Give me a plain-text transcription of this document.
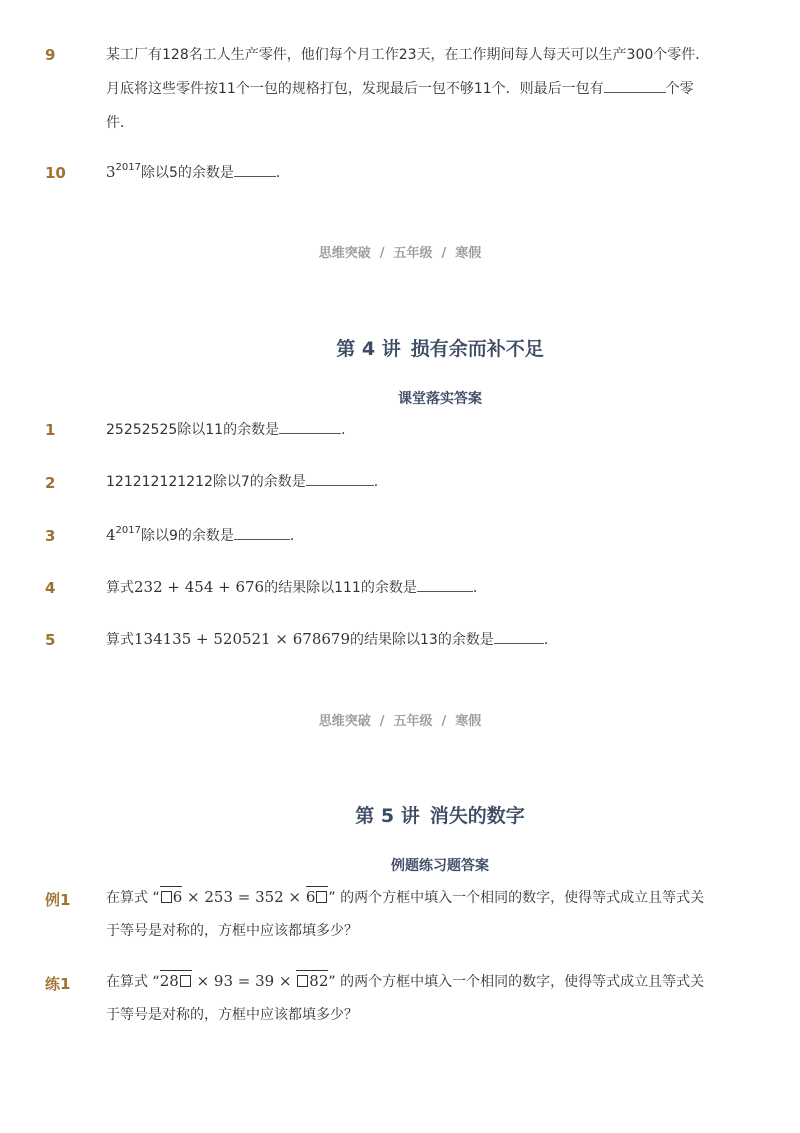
9	某工厂有128名工人生产零件，他们每个月工作23天，在工作期间每人每天可以生产300个零件．
月底将这些零件按11个一包的规格打包，发现最后一包不够11个．则最后一包有	个零
件．
10	$3^{2017}$除以5的余数是	．
思维突破 / 五年级 / 寒假
第 4 讲 损有余而补不足
课堂落实答案
1	25252525除以11的余数是	.
2	121212121212除以7的余数是	.
3	$4^{2017}$除以9的余数是	.
4	算式232 + 454 + 676的结果除以111的余数是	.
5	算式134135 + 520521 × 678679的结果除以13的余数是	．
思维突破 / 五年级 / 寒假
第 5 讲 消失的数字
例题练习题答案
例1	在算式 “ 6 × 253 = 352 × 6 ” 的两个方框中填入一个相同的数字，使得等式成立且等式关
于等号是对称的，方框中应该都填多少？
练1	在算式 “28 × 93 = 39 × 82” 的两个方框中填入一个相同的数字，使得等式成立且等式关
于等号是对称的，方框中应该都填多少？
